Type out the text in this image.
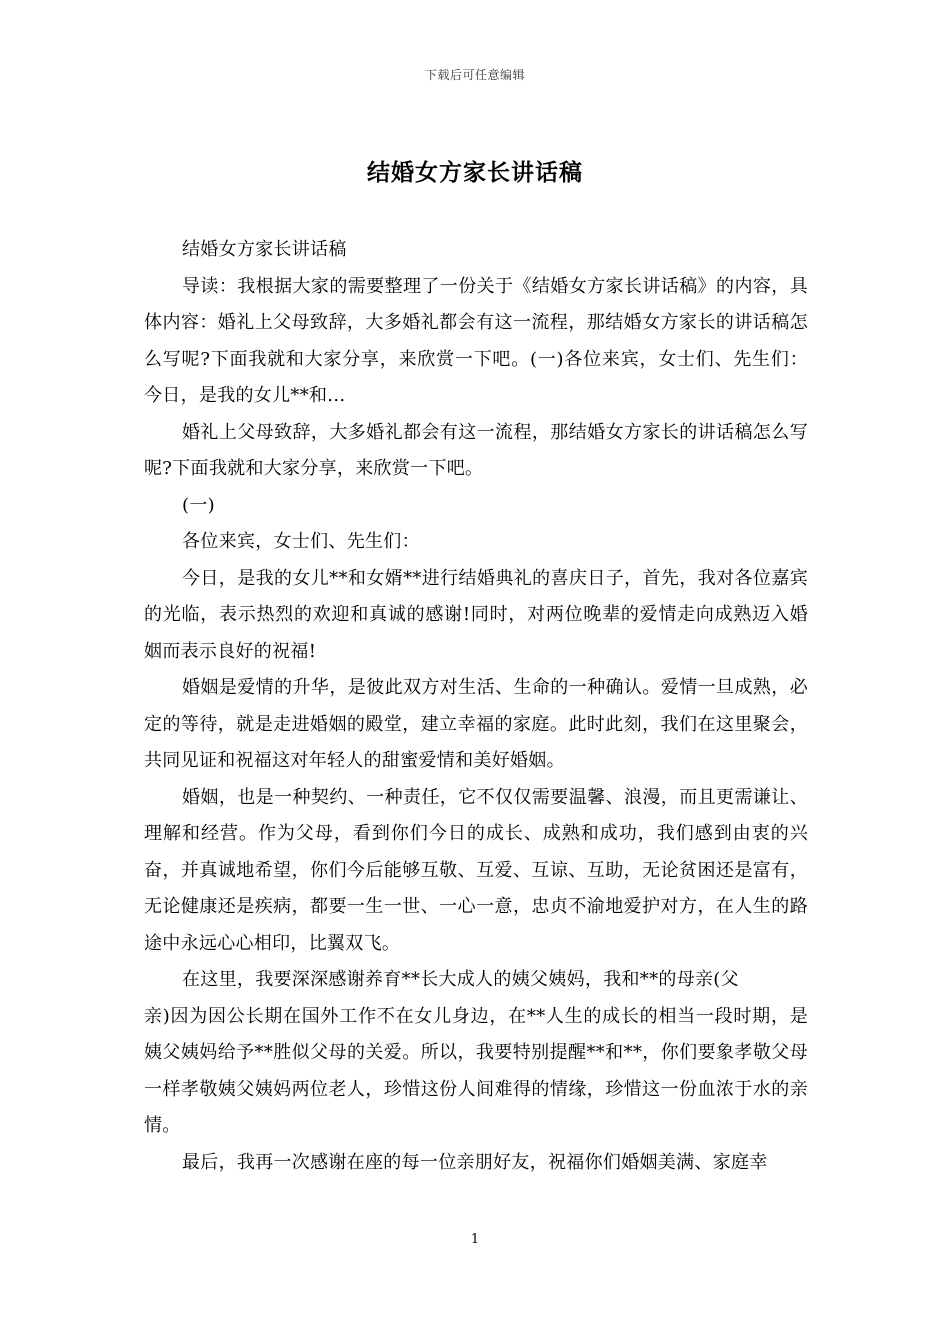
下载后可任意编辑
结婚女方家长讲话稿

结婚女方家长讲话稿

导读：我根据大家的需要整理了一份关于《结婚女方家长讲话稿》的内容，具体内容：婚礼上父母致辞，大多婚礼都会有这一流程，那结婚女方家长的讲话稿怎么写呢?下面我就和大家分享，来欣赏一下吧。(一)各位来宾，女士们、先生们：今日，是我的女儿**和...

婚礼上父母致辞，大多婚礼都会有这一流程，那结婚女方家长的讲话稿怎么写呢?下面我就和大家分享，来欣赏一下吧。

(一)

各位来宾，女士们、先生们：

今日，是我的女儿**和女婿**进行结婚典礼的喜庆日子，首先，我对各位嘉宾的光临，表示热烈的欢迎和真诚的感谢!同时，对两位晚辈的爱情走向成熟迈入婚姻而表示良好的祝福!

婚姻是爱情的升华，是彼此双方对生活、生命的一种确认。爱情一旦成熟，必定的等待，就是走进婚姻的殿堂，建立幸福的家庭。此时此刻，我们在这里聚会，共同见证和祝福这对年轻人的甜蜜爱情和美好婚姻。

婚姻，也是一种契约、一种责任，它不仅仅需要温馨、浪漫，而且更需谦让、理解和经营。作为父母，看到你们今日的成长、成熟和成功，我们感到由衷的兴奋，并真诚地希望，你们今后能够互敬、互爱、互谅、互助，无论贫困还是富有，无论健康还是疾病，都要一生一世、一心一意，忠贞不渝地爱护对方，在人生的路途中永远心心相印，比翼双飞。

在这里，我要深深感谢养育**长大成人的姨父姨妈，我和**的母亲(父

亲)因为因公长期在国外工作不在女儿身边，在**人生的成长的相当一段时期，是姨父姨妈给予**胜似父母的关爱。所以，我要特别提醒**和**，你们要象孝敬父母一样孝敬姨父姨妈两位老人，珍惜这份人间难得的情缘，珍惜这一份血浓于水的亲情。

最后，我再一次感谢在座的每一位亲朋好友，祝福你们婚姻美满、家庭幸

1
